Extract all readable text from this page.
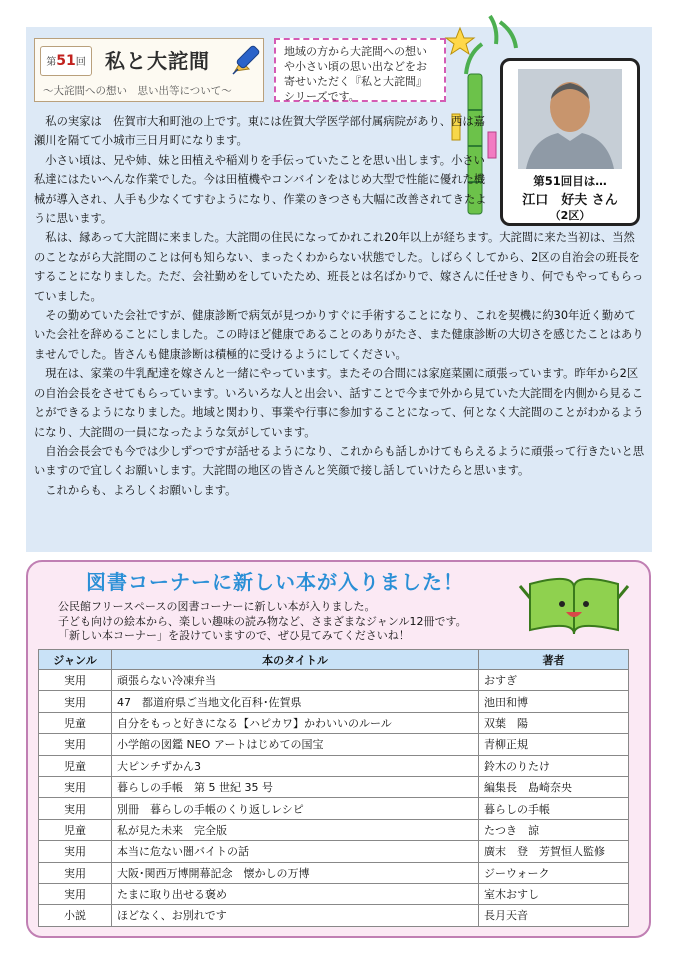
第51回 私と大詫間
～大詫間への想い　思い出等について～
地域の方から大詫間への想いや小さい頃の思い出などをお寄せいただく『私と大詫間』シリーズです。
第51回目は…
江口　好夫 さん
（2区）

私の実家は　佐賀市大和町池の上です。東には佐賀大学医学部付属病院があり、西は嘉瀬川を隔てて小城市三日月町になります。

小さい頃は、兄や姉、妹と田植えや稲刈りを手伝っていたことを思い出します。小さい私達にはたいへんな作業でした。今は田植機やコンバインをはじめ大型で性能に優れた機械が導入され、人手も少なくてすむようになり、作業のきつさも大幅に改善されてきたように思います。

私は、縁あって大詫間に来ました。大詫間の住民になってかれこれ20年以上が経ちます。大詫間に来た当初は、当然のことながら大詫間のことは何も知らない、まったくわからない状態でした。しばらくしてから、2区の自治会の班長をすることになりました。ただ、会社勤めをしていたため、班長とは名ばかりで、嫁さんに任せきり、何でもやってもらっていました。

その勤めていた会社ですが、健康診断で病気が見つかりすぐに手術することになり、これを契機に約30年近く勤めていた会社を辞めることにしました。この時ほど健康であることのありがたさ、また健康診断の大切さを感じたことはありませんでした。皆さんも健康診断は積極的に受けるようにしてください。

現在は、家業の牛乳配達を嫁さんと一緒にやっています。またその合間には家庭菜園に頑張っています。昨年から2区の自治会長をさせてもらっています。いろいろな人と出会い、話すことで今まで外から見ていた大詫間を内側から見ることができるようになりました。地域と関わり、事業や行事に参加することになって、何となく大詫間のことがわかるようになり、大詫間の一員になったような気がしています。

自治会長会でも今では少しずつですが話せるようになり、これからも話しかけてもらえるように頑張って行きたいと思いますので宜しくお願いします。大詫間の地区の皆さんと笑顔で接し話していけたらと思います。

これからも、よろしくお願いします。

図書コーナーに新しい本が入りました！
公民館フリースペースの図書コーナーに新しい本が入りました。
子ども向けの絵本から、楽しい趣味の読み物など、さまざまなジャンル12冊です。
「新しい本コーナー」を設けていますので、ぜひ見てみてくださいね！
ジャンル	本のタイトル	著者
実用	頑張らない冷凍弁当	おすぎ
実用	47　都道府県ご当地文化百科･佐賀県	池田和博
児童	自分をもっと好きになる【ハピカワ】かわいいのルール	双葉　陽
実用	小学館の図鑑 NEO アートはじめての国宝	青柳正規
児童	大ピンチずかん3	鈴木のりたけ
実用	暮らしの手帳　第 5 世紀 35 号	編集長　島崎奈央
実用	別冊　暮らしの手帳のくり返しレシピ	暮らしの手帳
児童	私が見た未来　完全版	たつき　諒
実用	本当に危ない闇バイトの話	廣末　登　芳賀恒人監修
実用	大阪･関西万博開幕記念　懐かしの万博	ジーウォーク
実用	たまに取り出せる褒め	室木おすし
小説	ほどなく、お別れです	長月天音
